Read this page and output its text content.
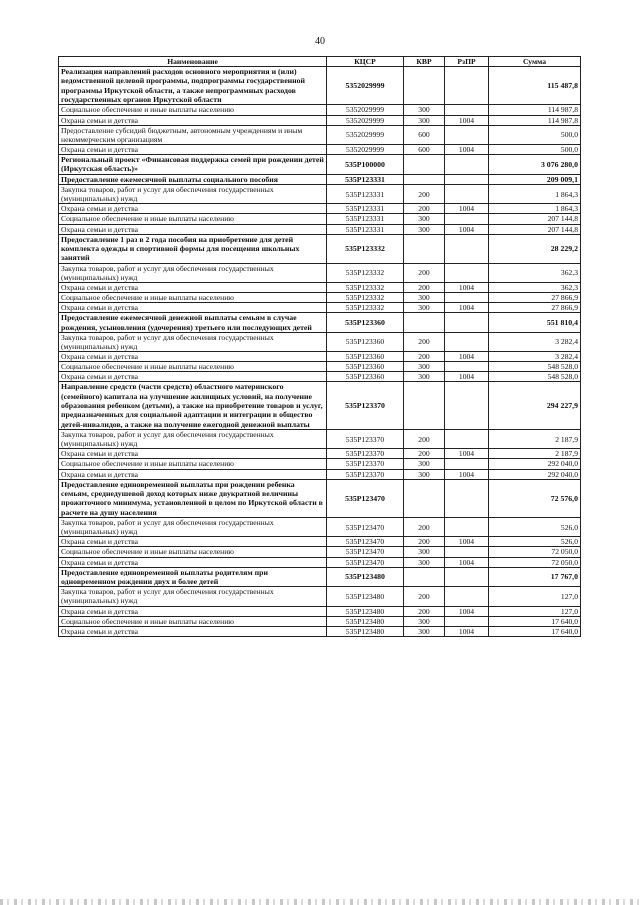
40
Наименование	КЦСР	КВР	РзПР	Сумма
Реализация направлений расходов основного мероприятия и (или) ведомственной целевой программы, подпрограммы государственной программы Иркутской области, а также непрограммных расходов государственных органов Иркутской области	5352029999			115 487,8
Социальное обеспечение и иные выплаты населению	5352029999	300		114 987,8
Охрана семьи и детства	5352029999	300	1004	114 987,8
Предоставление субсидий бюджетным, автономным учреждениям и иным некоммерческим организациям	5352029999	600		500,0
Охрана семьи и детства	5352029999	600	1004	500,0
Региональный проект «Финансовая поддержка семей при рождении детей (Иркутская область)»	535P100000			3 076 280,0
Предоставление ежемесячной выплаты социального пособия	535P123331			209 009,1
Закупка товаров, работ и услуг для обеспечения государственных (муниципальных) нужд	535P123331	200		1 864,3
Охрана семьи и детства	535P123331	200	1004	1 864,3
Социальное обеспечение и иные выплаты населению	535P123331	300		207 144,8
Охрана семьи и детства	535P123331	300	1004	207 144,8
Предоставление 1 раз в 2 года пособия на приобретение для детей комплекта одежды и спортивной формы для посещения школьных занятий	535P123332			28 229,2
Закупка товаров, работ и услуг для обеспечения государственных (муниципальных) нужд	535P123332	200		362,3
Охрана семьи и детства	535P123332	200	1004	362,3
Социальное обеспечение и иные выплаты населению	535P123332	300		27 866,9
Охрана семьи и детства	535P123332	300	1004	27 866,9
Предоставление ежемесячной денежной выплаты семьям в случае рождения, усыновления (удочерения) третьего или последующих детей	535P123360			551 810,4
Закупка товаров, работ и услуг для обеспечения государственных (муниципальных) нужд	535P123360	200		3 282,4
Охрана семьи и детства	535P123360	200	1004	3 282,4
Социальное обеспечение и иные выплаты населению	535P123360	300		548 528,0
Охрана семьи и детства	535P123360	300	1004	548 528,0
Направление средств (части средств) областного материнского (семейного) капитала на улучшение жилищных условий, на получение образования ребенком (детьми), а также на приобретение товаров и услуг, предназначенных для социальной адаптации и интеграции в общество детей-инвалидов, а также на получение ежегодной денежной выплаты	535P123370			294 227,9
Закупка товаров, работ и услуг для обеспечения государственных (муниципальных) нужд	535P123370	200		2 187,9
Охрана семьи и детства	535P123370	200	1004	2 187,9
Социальное обеспечение и иные выплаты населению	535P123370	300		292 040,0
Охрана семьи и детства	535P123370	300	1004	292 040,0
Предоставление единовременной выплаты при рождении ребенка семьям, среднедушевой доход которых ниже двукратной величины прожиточного минимума, установленной в целом по Иркутской области в расчете на душу населения	535P123470			72 576,0
Закупка товаров, работ и услуг для обеспечения государственных (муниципальных) нужд	535P123470	200		526,0
Охрана семьи и детства	535P123470	200	1004	526,0
Социальное обеспечение и иные выплаты населению	535P123470	300		72 050,0
Охрана семьи и детства	535P123470	300	1004	72 050,0
Предоставление единовременной выплаты родителям при одновременном рождении двух и более детей	535P123480			17 767,0
Закупка товаров, работ и услуг для обеспечения государственных (муниципальных) нужд	535P123480	200		127,0
Охрана семьи и детства	535P123480	200	1004	127,0
Социальное обеспечение и иные выплаты населению	535P123480	300		17 640,0
Охрана семьи и детства	535P123480	300	1004	17 640,0
